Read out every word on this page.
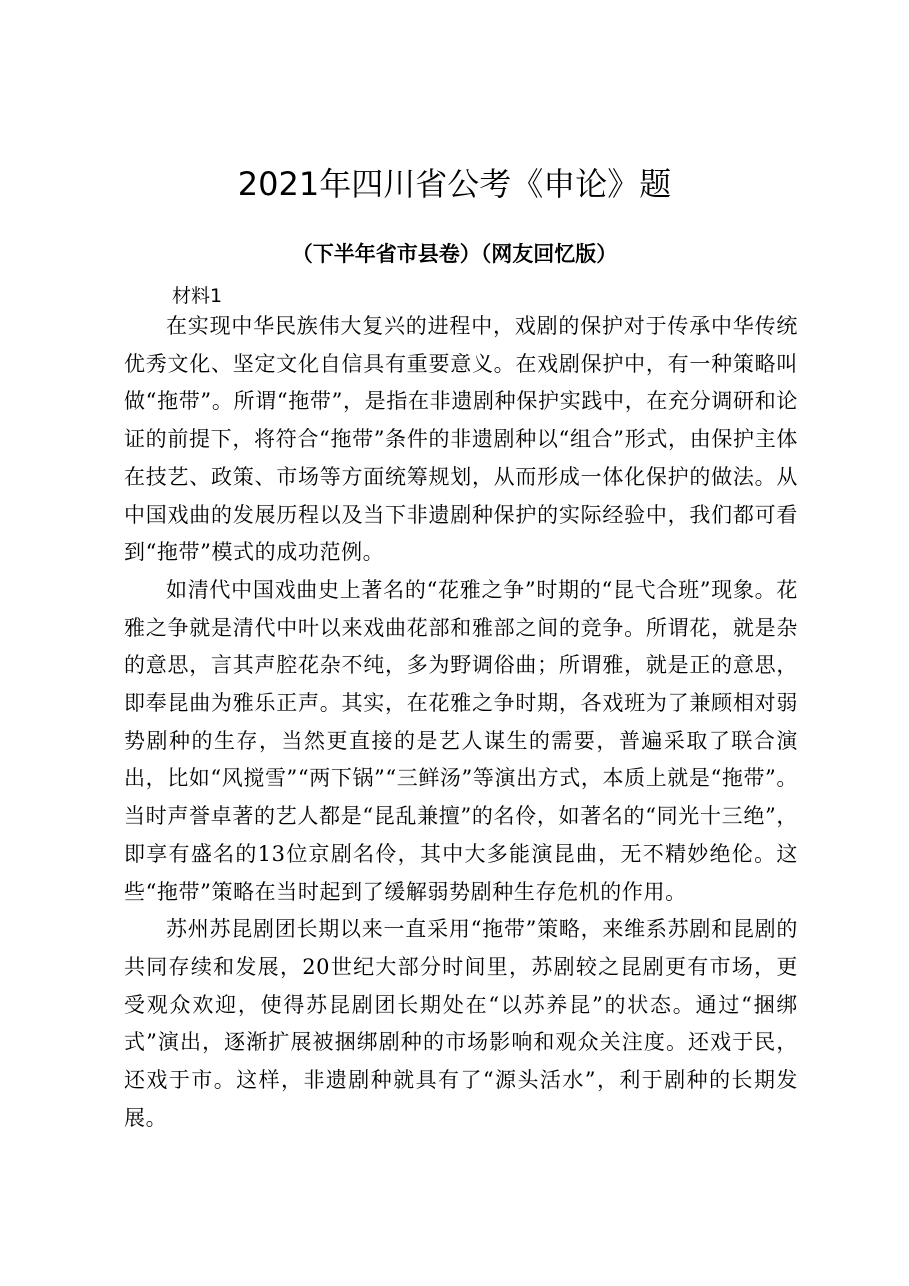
2021年四川省公考《申论》题
（下半年省市县卷）（网友回忆版）

材料1

在实现中华民族伟大复兴的进程中，戏剧的保护对于传承中华传统优秀文化、坚定文化自信具有重要意义。在戏剧保护中，有一种策略叫做“拖带”。所谓“拖带”，是指在非遗剧种保护实践中，在充分调研和论证的前提下，将符合“拖带”条件的非遗剧种以“组合”形式，由保护主体在技艺、政策、市场等方面统筹规划，从而形成一体化保护的做法。从中国戏曲的发展历程以及当下非遗剧种保护的实际经验中，我们都可看到“拖带”模式的成功范例。

如清代中国戏曲史上著名的“花雅之争”时期的“昆弋合班”现象。花雅之争就是清代中叶以来戏曲花部和雅部之间的竞争。所谓花，就是杂的意思，言其声腔花杂不纯，多为野调俗曲；所谓雅，就是正的意思，即奉昆曲为雅乐正声。其实，在花雅之争时期，各戏班为了兼顾相对弱势剧种的生存，当然更直接的是艺人谋生的需要，普遍采取了联合演出，比如“风搅雪”“两下锅”“三鲜汤”等演出方式，本质上就是“拖带”。当时声誉卓著的艺人都是“昆乱兼擅”的名伶，如著名的“同光十三绝”，即享有盛名的13位京剧名伶，其中大多能演昆曲，无不精妙绝伦。这些“拖带”策略在当时起到了缓解弱势剧种生存危机的作用。

苏州苏昆剧团长期以来一直采用“拖带”策略，来维系苏剧和昆剧的共同存续和发展，20世纪大部分时间里，苏剧较之昆剧更有市场，更受观众欢迎，使得苏昆剧团长期处在“以苏养昆”的状态。通过“捆绑式”演出，逐渐扩展被捆绑剧种的市场影响和观众关注度。还戏于民，还戏于市。这样，非遗剧种就具有了“源头活水”，利于剧种的长期发展。
